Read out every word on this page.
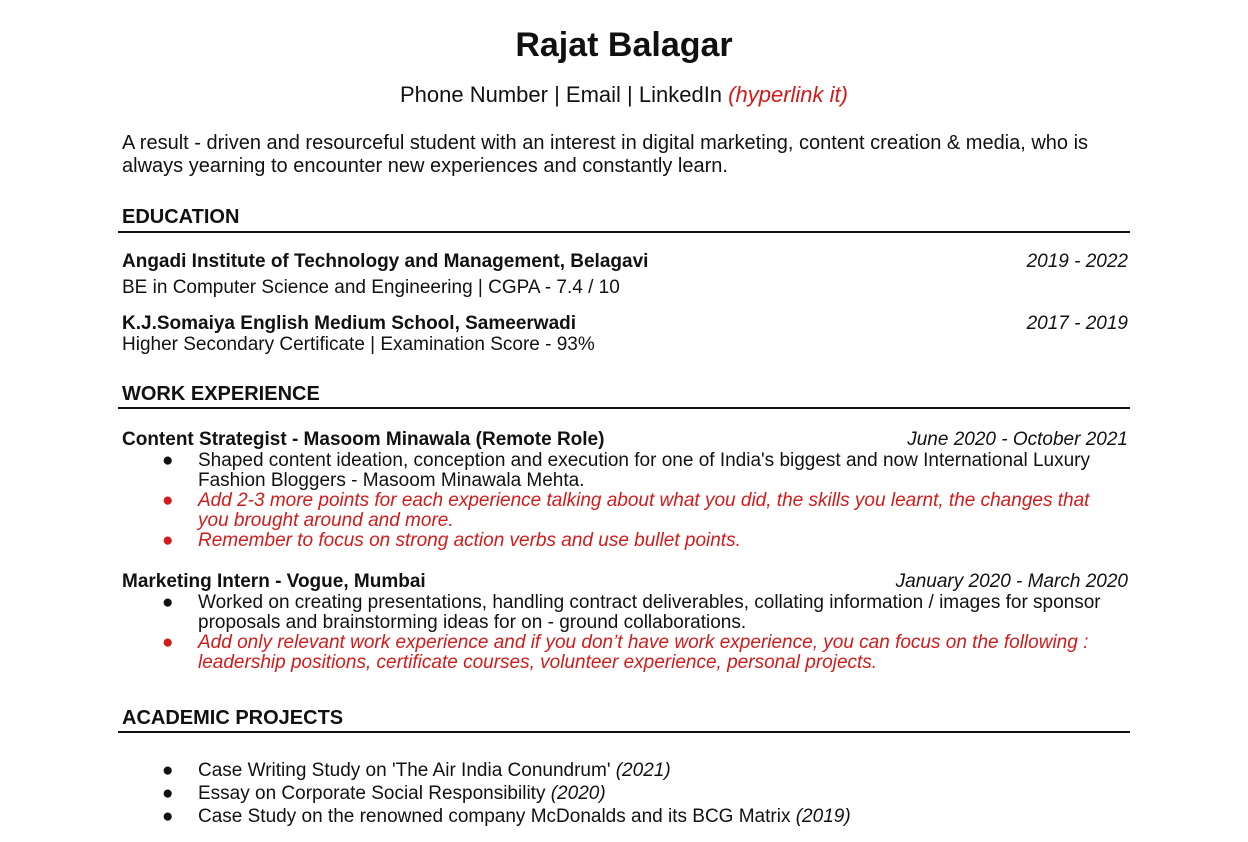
Rajat Balagar
Phone Number | Email | LinkedIn (hyperlink it)
A result - driven and resourceful student with an interest in digital marketing, content creation & media, who is always yearning to encounter new experiences and constantly learn.
EDUCATION
Angadi Institute of Technology and Management, Belagavi	2019 - 2022
BE in Computer Science and Engineering | CGPA - 7.4 / 10
K.J.Somaiya English Medium School, Sameerwadi	2017 - 2019
Higher Secondary Certificate | Examination Score - 93%
WORK EXPERIENCE
Content Strategist - Masoom Minawala (Remote Role)	June 2020 - October 2021
● Shaped content ideation, conception and execution for one of India's biggest and now International Luxury Fashion Bloggers - Masoom Minawala Mehta.
● Add 2-3 more points for each experience talking about what you did, the skills you learnt, the changes that you brought around and more.
● Remember to focus on strong action verbs and use bullet points.
Marketing Intern - Vogue, Mumbai	January 2020 - March 2020
● Worked on creating presentations, handling contract deliverables, collating information / images for sponsor proposals and brainstorming ideas for on - ground collaborations.
● Add only relevant work experience and if you don’t have work experience, you can focus on the following : leadership positions, certificate courses, volunteer experience, personal projects.
ACADEMIC PROJECTS
● Case Writing Study on 'The Air India Conundrum' (2021)
● Essay on Corporate Social Responsibility (2020)
● Case Study on the renowned company McDonalds and its BCG Matrix (2019)
